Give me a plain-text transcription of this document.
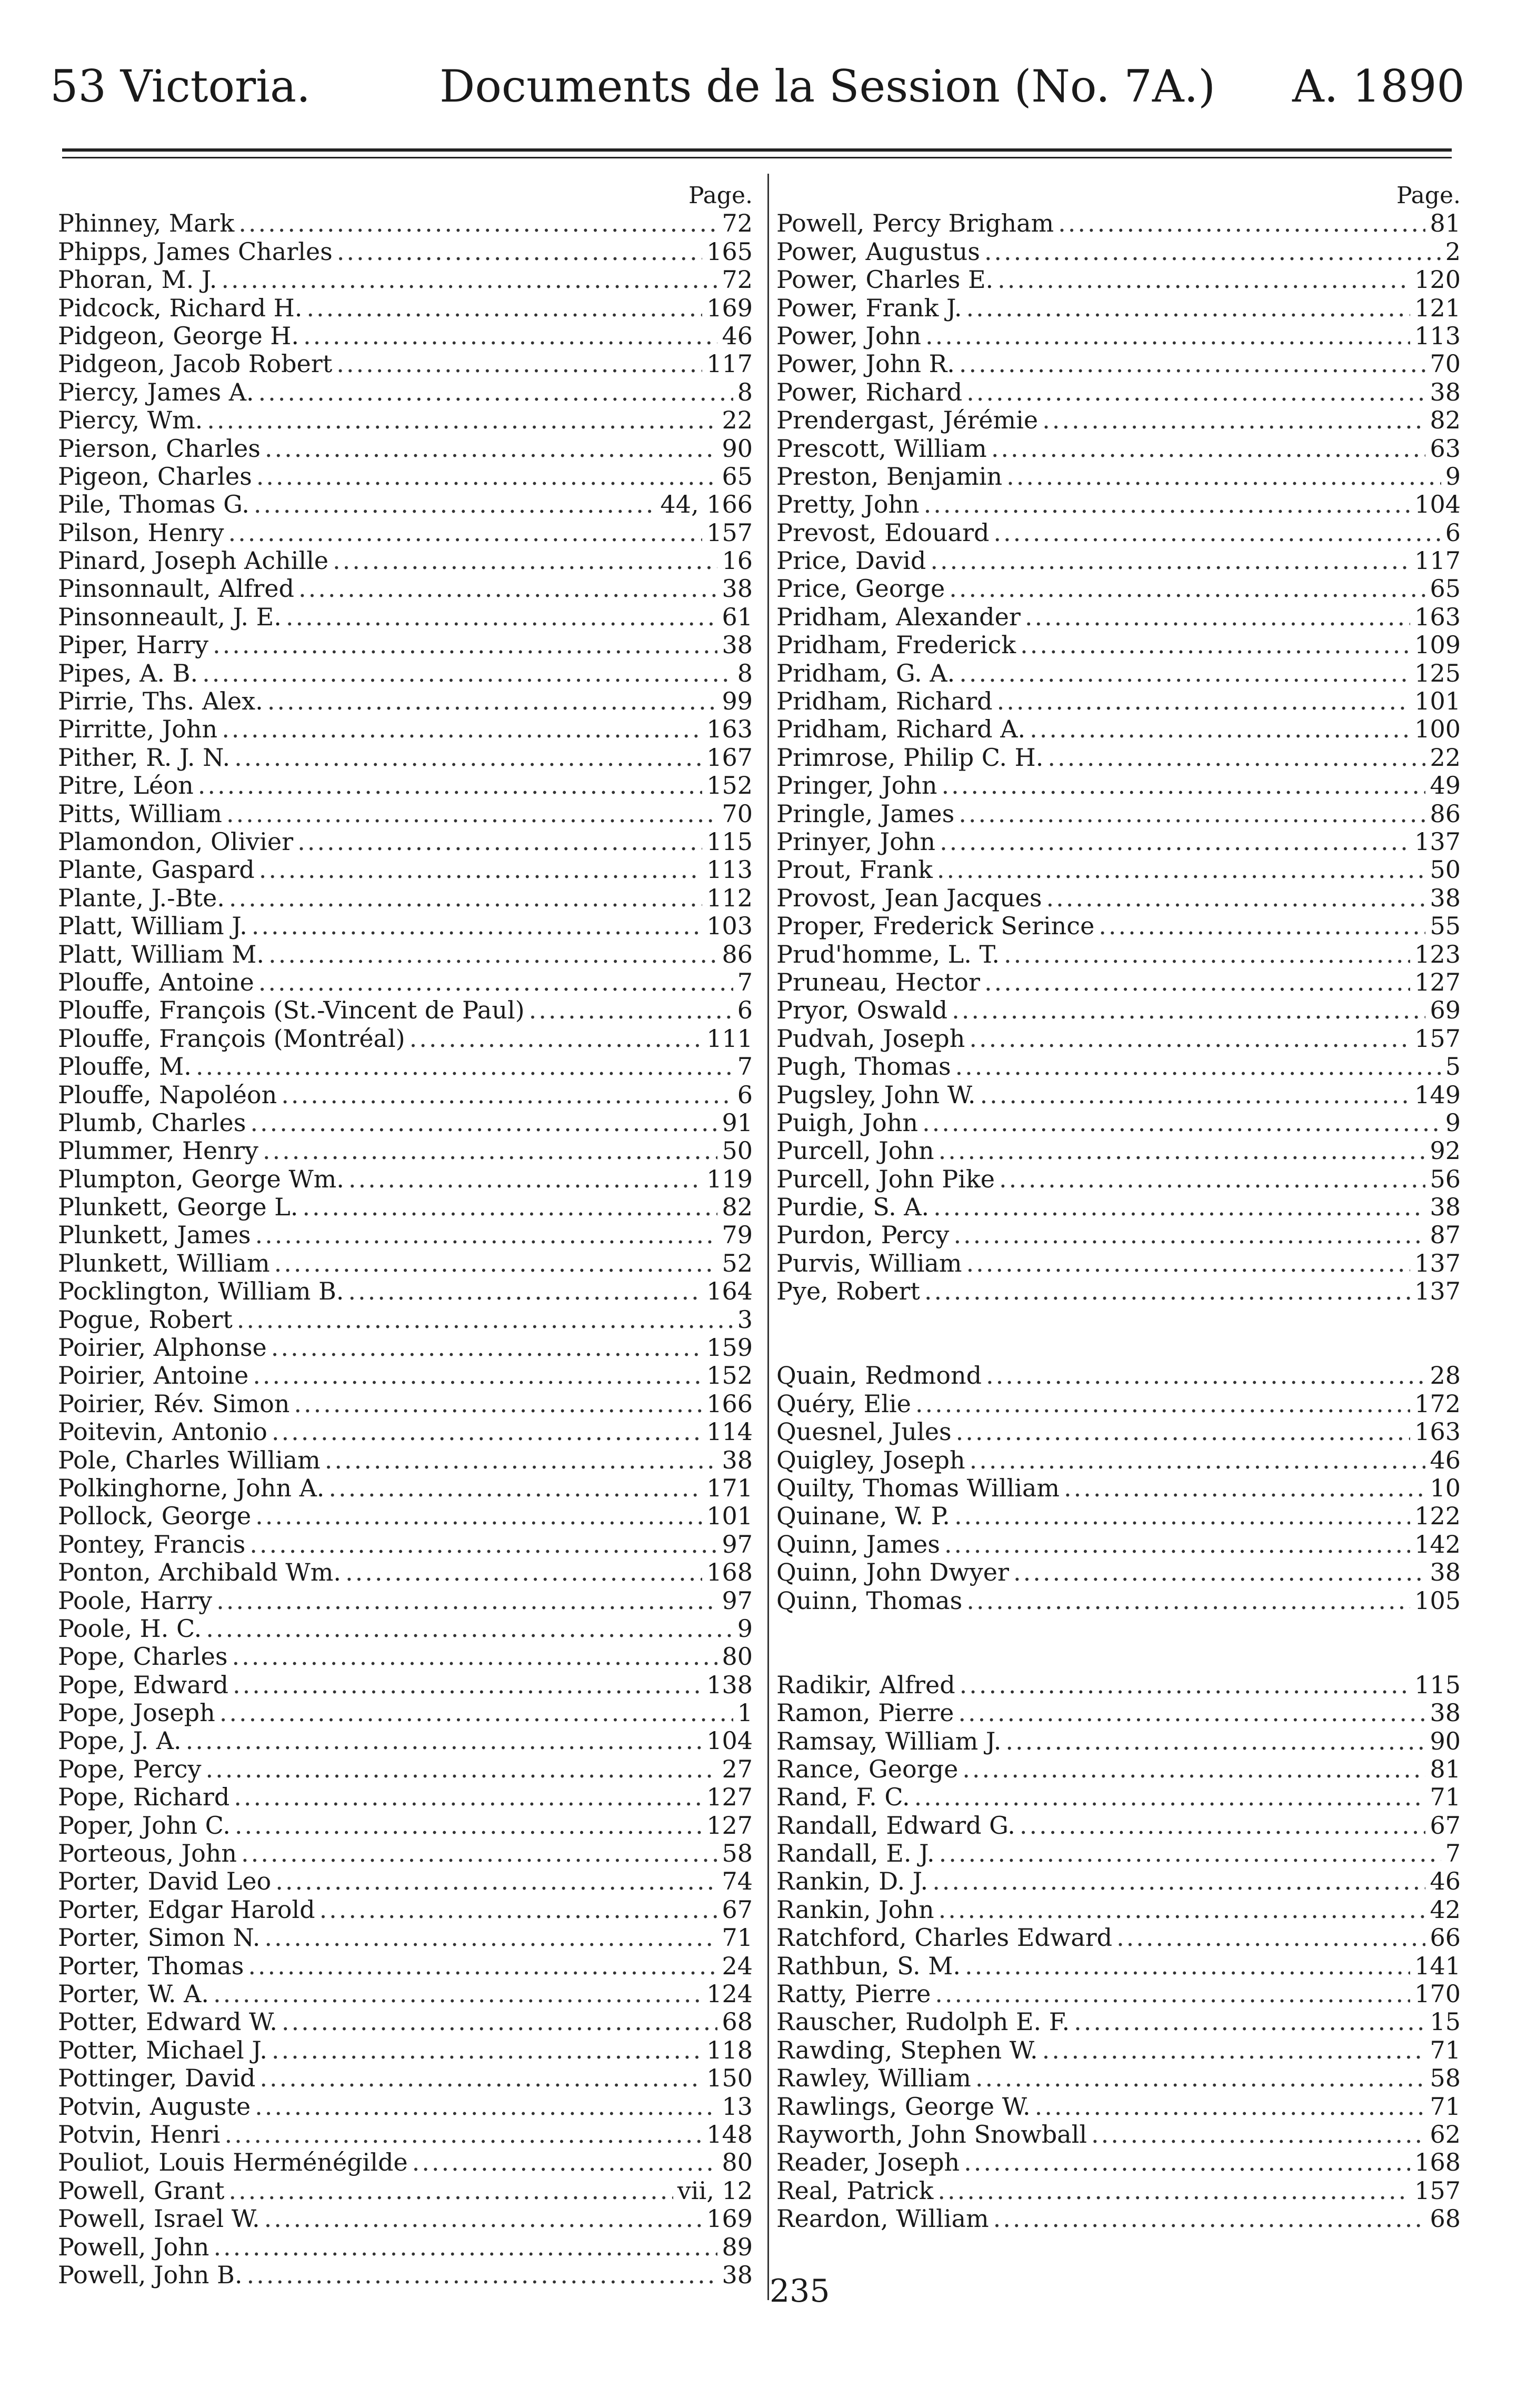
53 Victoria.	Documents de la Session (No. 7A.) A. 1890
Page.
Phinney, Mark .....	72
Phipps, James Charles .....	165
Phoran, M. J. .....	72
Pidcock, Richard H. .....	169
Pidgeon, George H. .....	46
Pidgeon, Jacob Robert .....	117
Piercy, James A. .....	8
Piercy, Wm. .....	22
Pierson, Charles .....	90
Pigeon, Charles .....	65
Pile, Thomas G. .....	44, 166
Pilson, Henry .....	157
Pinard, Joseph Achille .....	16
Pinsonnault, Alfred .....	38
Pinsonneault, J. E. .....	61
Piper, Harry .....	38
Pipes, A. B. .....	8
Pirrie, Ths. Alex. .....	99
Pirritte, John .....	163
Pither, R. J. N. .....	167
Pitre, Léon .....	152
Pitts, William .....	70
Plamondon, Olivier .....	115
Plante, Gaspard .....	113
Plante, J.-Bte. .....	112
Platt, William J. .....	103
Platt, William M. .....	86
Plouffe, Antoine .....	7
Plouffe, François (St.-Vincent de Paul) .....	6
Plouffe, François (Montréal) .....	111
Plouffe, M. .....	7
Plouffe, Napoléon .....	6
Plumb, Charles .....	91
Plummer, Henry .....	50
Plumpton, George Wm. .....	119
Plunkett, George L. .....	82
Plunkett, James .....	79
Plunkett, William .....	52
Pocklington, William B. .....	164
Pogue, Robert .....	3
Poirier, Alphonse .....	159
Poirier, Antoine .....	152
Poirier, Rév. Simon .....	166
Poitevin, Antonio .....	114
Pole, Charles William .....	38
Polkinghorne, John A. .....	171
Pollock, George .....	101
Pontey, Francis .....	97
Ponton, Archibald Wm. .....	168
Poole, Harry .....	97
Poole, H. C. .....	9
Pope, Charles .....	80
Pope, Edward .....	138
Pope, Joseph .....	1
Pope, J. A. .....	104
Pope, Percy .....	27
Pope, Richard .....	127
Poper, John C. .....	127
Porteous, John .....	58
Porter, David Leo .....	74
Porter, Edgar Harold .....	67
Porter, Simon N. .....	71
Porter, Thomas .....	24
Porter, W. A. .....	124
Potter, Edward W. .....	68
Potter, Michael J. .....	118
Pottinger, David .....	150
Potvin, Auguste .....	13
Potvin, Henri .....	148
Pouliot, Louis Herménégilde .....	80
Powell, Grant .....	vii, 12
Powell, Israel W. .....	169
Powell, John .....	89
Powell, John B. .....	38
Page.
Powell, Percy Brigham .....	81
Power, Augustus .....	2
Power, Charles E. .....	120
Power, Frank J. .....	121
Power, John .....	113
Power, John R. .....	70
Power, Richard .....	38
Prendergast, Jérémie .....	82
Prescott, William .....	63
Preston, Benjamin .....	9
Pretty, John .....	104
Prevost, Edouard .....	6
Price, David .....	117
Price, George .....	65
Pridham, Alexander .....	163
Pridham, Frederick .....	109
Pridham, G. A. .....	125
Pridham, Richard .....	101
Pridham, Richard A. .....	100
Primrose, Philip C. H. .....	22
Pringer, John .....	49
Pringle, James .....	86
Prinyer, John .....	137
Prout, Frank .....	50
Provost, Jean Jacques .....	38
Proper, Frederick Serince .....	55
Prud'homme, L. T. .....	123
Pruneau, Hector .....	127
Pryor, Oswald .....	69
Pudvah, Joseph .....	157
Pugh, Thomas .....	5
Pugsley, John W. .....	149
Puigh, John .....	9
Purcell, John .....	92
Purcell, John Pike .....	56
Purdie, S. A. .....	38
Purdon, Percy .....	87
Purvis, William .....	137
Pye, Robert .....	137
Quain, Redmond .....	28
Quéry, Elie .....	172
Quesnel, Jules .....	163
Quigley, Joseph .....	46
Quilty, Thomas William .....	10
Quinane, W. P. .....	122
Quinn, James .....	142
Quinn, John Dwyer .....	38
Quinn, Thomas .....	105
Radikir, Alfred .....	115
Ramon, Pierre .....	38
Ramsay, William J. .....	90
Rance, George .....	81
Rand, F. C. .....	71
Randall, Edward G. .....	67
Randall, E. J. .....	7
Rankin, D. J. .....	46
Rankin, John .....	42
Ratchford, Charles Edward .....	66
Rathbun, S. M. .....	141
Ratty, Pierre .....	170
Rauscher, Rudolph E. F. .....	15
Rawding, Stephen W. .....	71
Rawley, William .....	58
Rawlings, George W. .....	71
Rayworth, John Snowball .....	62
Reader, Joseph .....	168
Real, Patrick .....	157
Reardon, William .....	68
235
